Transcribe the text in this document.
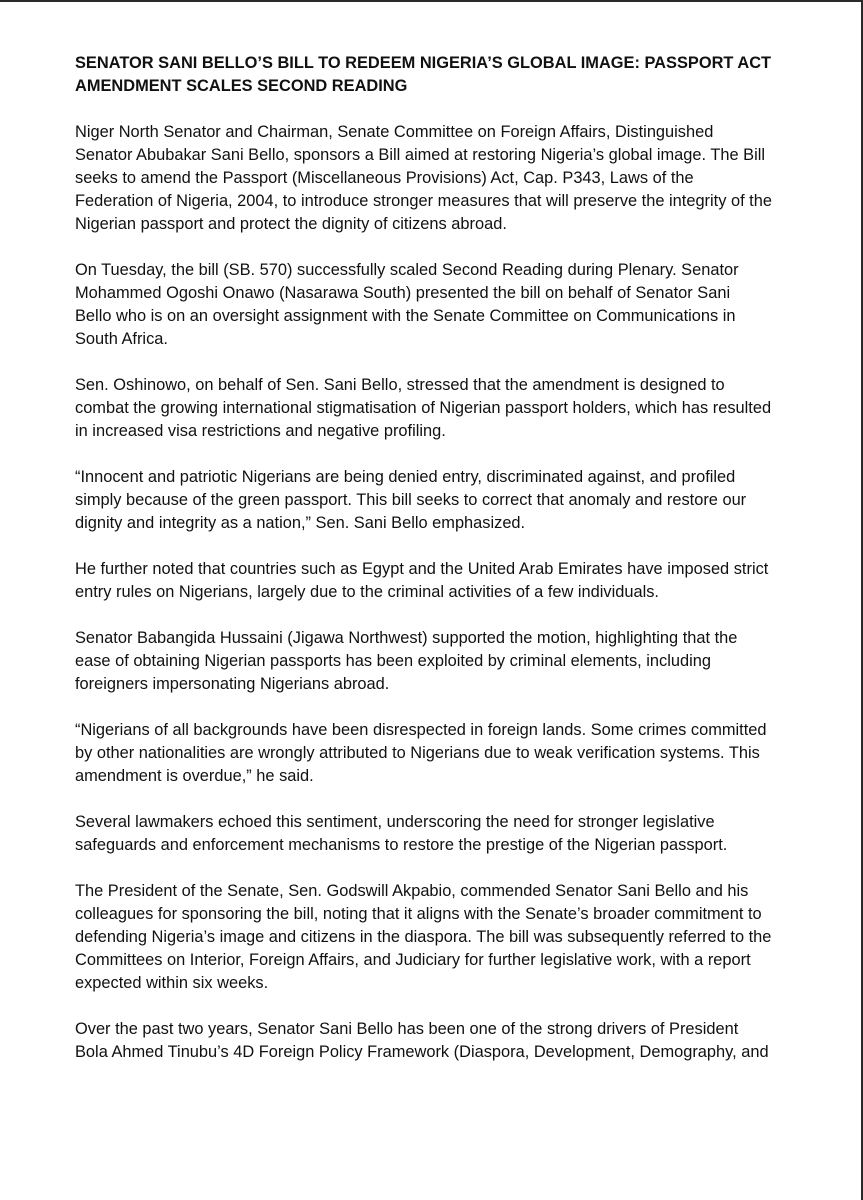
SENATOR SANI BELLO’S BILL TO REDEEM NIGERIA’S GLOBAL IMAGE: PASSPORT ACT
AMENDMENT SCALES SECOND READING
Niger North Senator and Chairman, Senate Committee on Foreign Affairs, Distinguished
Senator Abubakar Sani Bello, sponsors a Bill aimed at restoring Nigeria’s global image. The Bill
seeks to amend the Passport (Miscellaneous Provisions) Act, Cap. P343, Laws of the
Federation of Nigeria, 2004, to introduce stronger measures that will preserve the integrity of the
Nigerian passport and protect the dignity of citizens abroad.
On Tuesday, the bill (SB. 570) successfully scaled Second Reading during Plenary. Senator
Mohammed Ogoshi Onawo (Nasarawa South) presented the bill on behalf of Senator Sani
Bello who is on an oversight assignment with the Senate Committee on Communications in
South Africa.
Sen. Oshinowo, on behalf of Sen. Sani Bello, stressed that the amendment is designed to
combat the growing international stigmatisation of Nigerian passport holders, which has resulted
in increased visa restrictions and negative profiling.
“Innocent and patriotic Nigerians are being denied entry, discriminated against, and profiled
simply because of the green passport. This bill seeks to correct that anomaly and restore our
dignity and integrity as a nation,” Sen. Sani Bello emphasized.
He further noted that countries such as Egypt and the United Arab Emirates have imposed strict
entry rules on Nigerians, largely due to the criminal activities of a few individuals.
Senator Babangida Hussaini (Jigawa Northwest) supported the motion, highlighting that the
ease of obtaining Nigerian passports has been exploited by criminal elements, including
foreigners impersonating Nigerians abroad.
“Nigerians of all backgrounds have been disrespected in foreign lands. Some crimes committed
by other nationalities are wrongly attributed to Nigerians due to weak verification systems. This
amendment is overdue,” he said.
Several lawmakers echoed this sentiment, underscoring the need for stronger legislative
safeguards and enforcement mechanisms to restore the prestige of the Nigerian passport.
The President of the Senate, Sen. Godswill Akpabio, commended Senator Sani Bello and his
colleagues for sponsoring the bill, noting that it aligns with the Senate’s broader commitment to
defending Nigeria’s image and citizens in the diaspora. The bill was subsequently referred to the
Committees on Interior, Foreign Affairs, and Judiciary for further legislative work, with a report
expected within six weeks.
Over the past two years, Senator Sani Bello has been one of the strong drivers of President
Bola Ahmed Tinubu’s 4D Foreign Policy Framework (Diaspora, Development, Demography, and
